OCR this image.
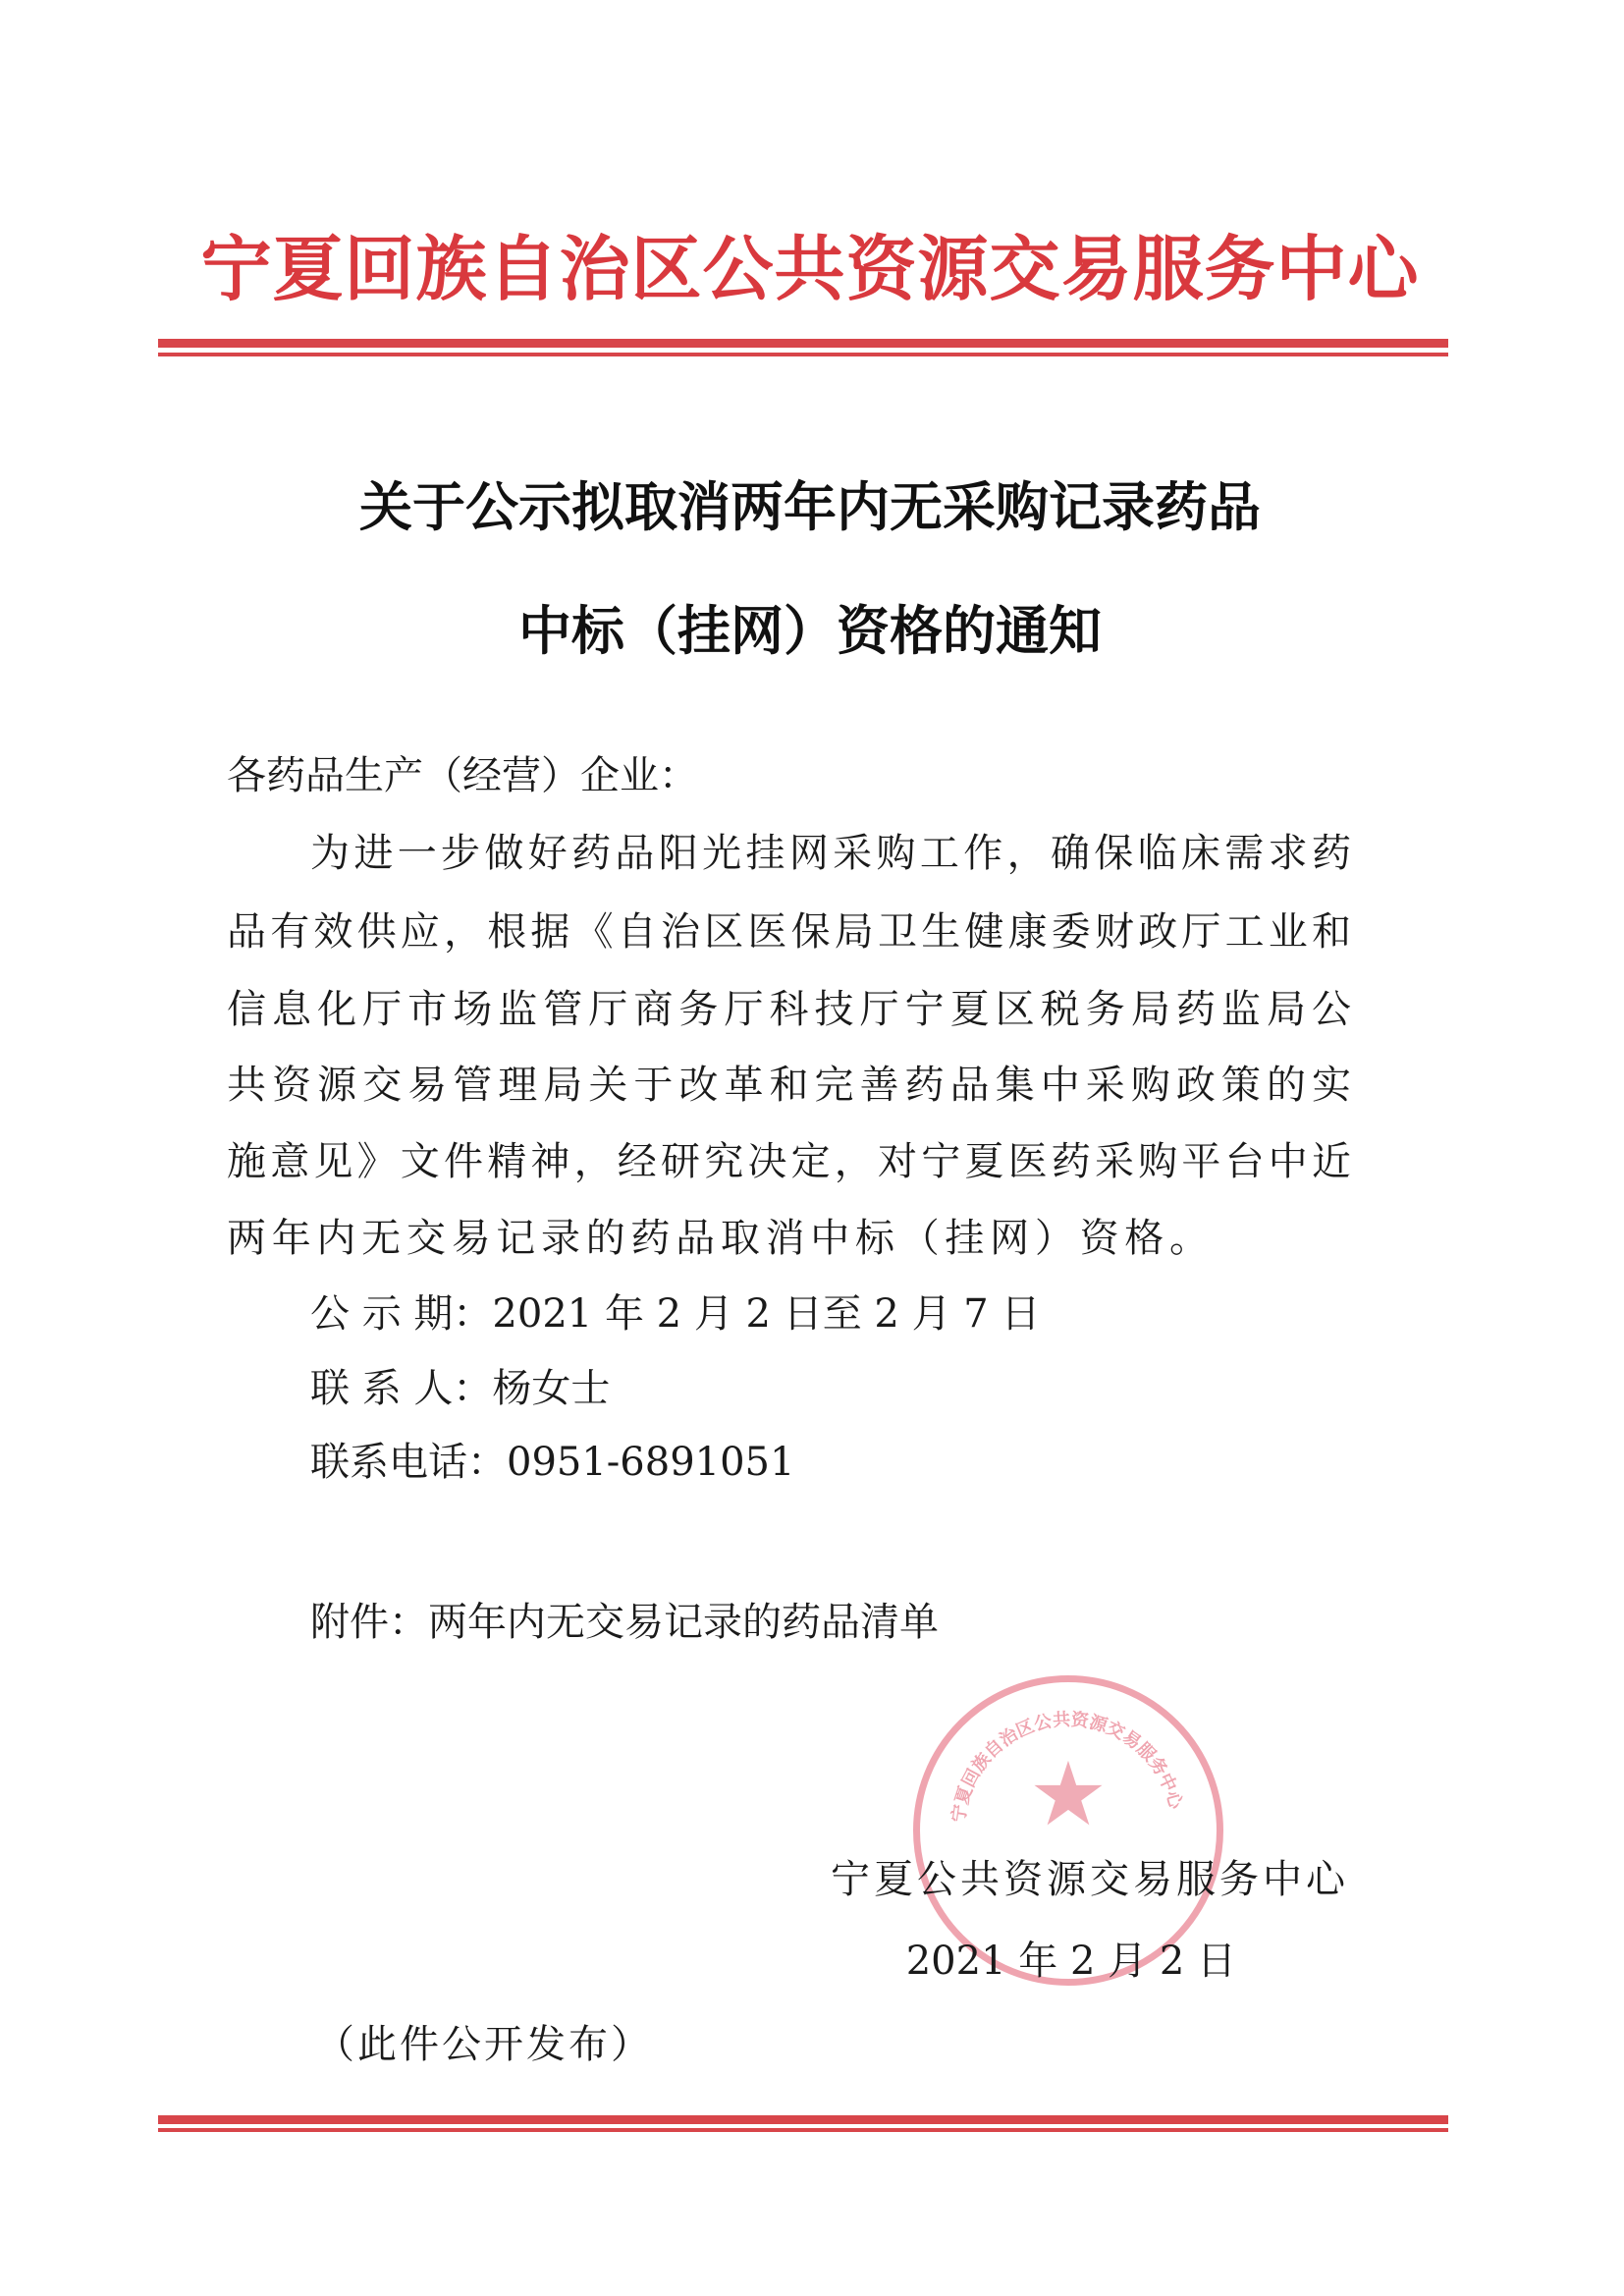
宁夏回族自治区公共资源交易服务中心
关于公示拟取消两年内无采购记录药品
中标（挂网）资格的通知
各药品生产（经营）企业：
为进一步做好药品阳光挂网采购工作，确保临床需求药
品有效供应，根据《自治区医保局卫生健康委财政厅工业和
信息化厅市场监管厅商务厅科技厅宁夏区税务局药监局公
共资源交易管理局关于改革和完善药品集中采购政策的实
施意见》文件精神，经研究决定，对宁夏医药采购平台中近
两年内无交易记录的药品取消中标（挂网）资格。
公 示 期：2021 年 2 月 2 日至 2 月 7 日
联 系 人：杨女士
联系电话：0951-6891051
附件：两年内无交易记录的药品清单
宁夏回族自治区公共资源交易服务中心
★
宁夏公共资源交易服务中心
2021 年 2 月 2 日
（此件公开发布）
